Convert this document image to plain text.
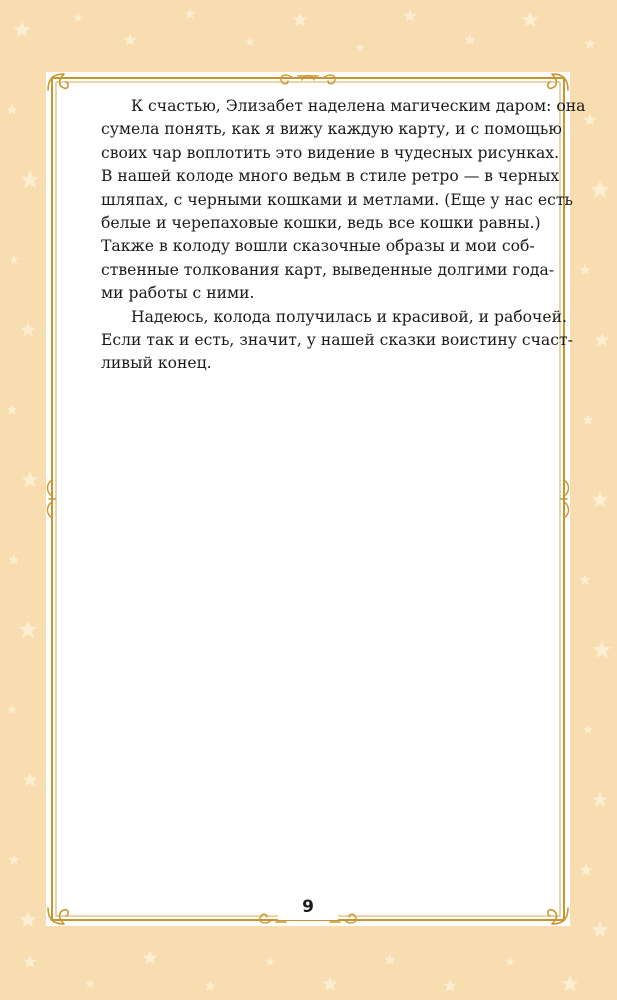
К счастью, Элизабет наделена магическим даром: она
сумела понять, как я вижу каждую карту, и с помощью
своих чар воплотить это видение в чудесных рисунках.
В нашей колоде много ведьм в стиле ретро — в черных
шляпах, с черными кошками и метлами. (Еще у нас есть
белые и черепаховые кошки, ведь все кошки равны.)
Также в колоду вошли сказочные образы и мои соб-
ственные толкования карт, выведенные долгими года-
ми работы с ними.

Надеюсь, колода получилась и красивой, и рабочей.
Если так и есть, значит, у нашей сказки воистину счаст-
ливый конец.

9
